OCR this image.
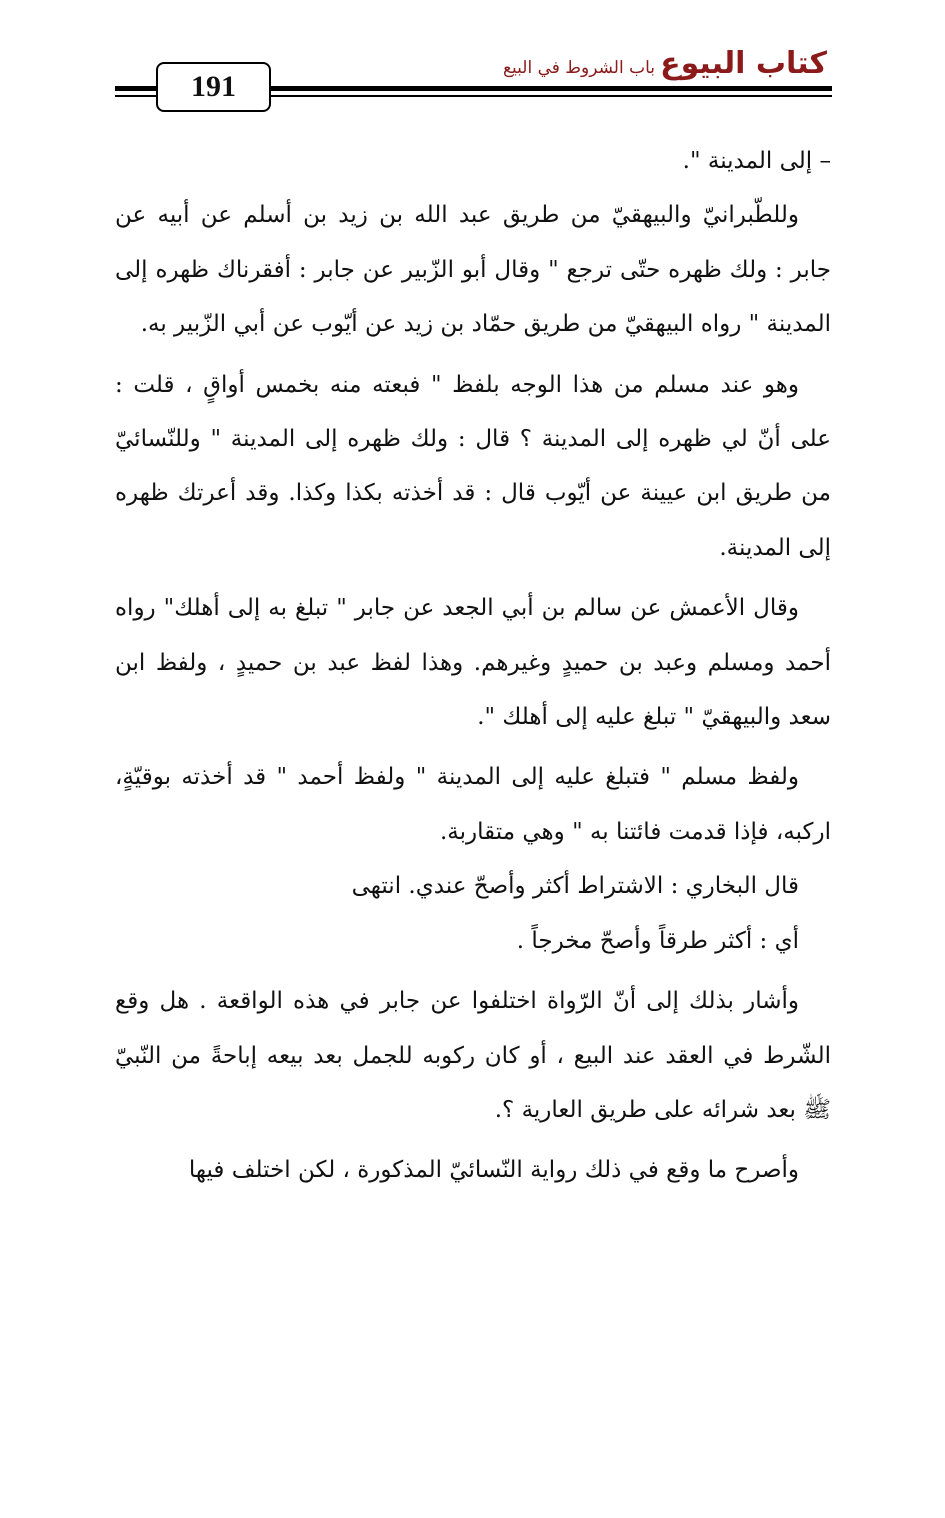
191
كتاب البيوع
باب الشروط في البيع

– إلى المدينة ".

وللطّبرانيّ والبيهقيّ من طريق عبد الله بن زيد بن أسلم عن أبيه عن جابر : ولك ظهره حتّى ترجع " وقال أبو الزّبير عن جابر : أفقرناك ظهره إلى المدينة " رواه البيهقيّ من طريق حمّاد بن زيد عن أيّوب عن أبي الزّبير به.

وهو عند مسلم من هذا الوجه بلفظ " فبعته منه بخمس أواقٍ ، قلت : على أنّ لي ظهره إلى المدينة ؟ قال : ولك ظهره إلى المدينة " وللنّسائيّ من طريق ابن عيينة عن أيّوب قال : قد أخذته بكذا وكذا. وقد أعرتك ظهره إلى المدينة.

وقال الأعمش عن سالم بن أبي الجعد عن جابر " تبلغ به إلى أهلك" رواه أحمد ومسلم وعبد بن حميدٍ وغيرهم. وهذا لفظ عبد بن حميدٍ ، ولفظ ابن سعد والبيهقيّ " تبلغ عليه إلى أهلك ".

ولفظ مسلم " فتبلغ عليه إلى المدينة " ولفظ أحمد " قد أخذته بوقيّةٍ، اركبه، فإذا قدمت فائتنا به " وهي متقاربة.

قال البخاري : الاشتراط أكثر وأصحّ عندي. انتهى

أي : أكثر طرقاً وأصحّ مخرجاً .

وأشار بذلك إلى أنّ الرّواة اختلفوا عن جابر في هذه الواقعة . هل وقع الشّرط في العقد عند البيع ، أو كان ركوبه للجمل بعد بيعه إباحةً من النّبيّ ﷺ بعد شرائه على طريق العارية ؟.

وأصرح ما وقع في ذلك رواية النّسائيّ المذكورة ، لكن اختلف فيها
